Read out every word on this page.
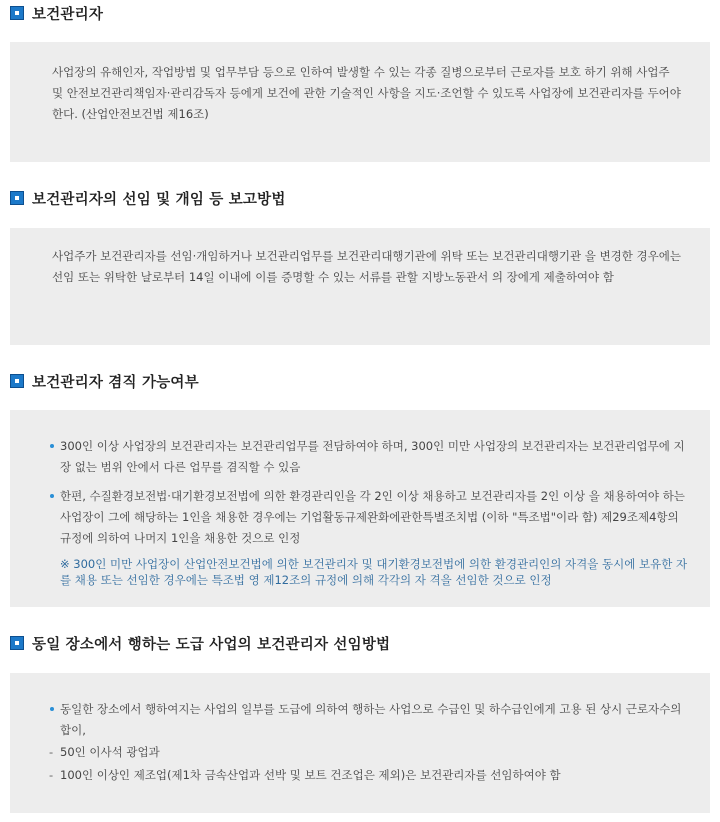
보건관리자
사업장의 유해인자, 작업방법 및 업무부담 등으로 인하여 발생할 수 있는 각종 질병으로부터 근로자를 보호 하기 위해 사업주 및 안전보건관리책임자·관리감독자 등에게 보건에 관한 기술적인 사항을 지도·조언할 수 있도록 사업장에 보건관리자를 두어야 한다. (산업안전보건법 제16조)
보건관리자의 선임 및 개임 등 보고방법
사업주가 보건관리자를 선임·개임하거나 보건관리업무를 보건관리대행기관에 위탁 또는 보건관리대행기관 을 변경한 경우에는 선임 또는 위탁한 날로부터 14일 이내에 이를 증명할 수 있는 서류를 관할 지방노동관서 의 장에게 제출하여야 함
보건관리자 겸직 가능여부
300인 이상 사업장의 보건관리자는 보건관리업무를 전담하여야 하며, 300인 미만 사업장의 보건관리자는 보건관리업무에 지장 없는 범위 안에서 다른 업무를 겸직할 수 있음
한편, 수질환경보전법·대기환경보전법에 의한 환경관리인을 각 2인 이상 채용하고 보건관리자를 2인 이상 을 채용하여야 하는 사업장이 그에 해당하는 1인을 채용한 경우에는 기업활동규제완화에관한특별조치법 (이하 "특조법"이라 함) 제29조제4항의 규정에 의하여 나머지 1인을 채용한 것으로 인정
※ 300인 미만 사업장이 산업안전보건법에 의한 보건관리자 및 대기환경보전법에 의한 환경관리인의 자격을 동시에 보유한 자를 채용 또는 선임한 경우에는 특조법 영 제12조의 규정에 의해 각각의 자 격을 선임한 것으로 인정
동일 장소에서 행하는 도급 사업의 보건관리자 선임방법
동일한 장소에서 행하여지는 사업의 일부를 도급에 의하여 행하는 사업으로 수급인 및 하수급인에게 고용 된 상시 근로자수의 합이,
- 50인 이사석 광업과
- 100인 이상인 제조업(제1차 금속산업과 선박 및 보트 건조업은 제외)은 보건관리자를 선임하여야 함
